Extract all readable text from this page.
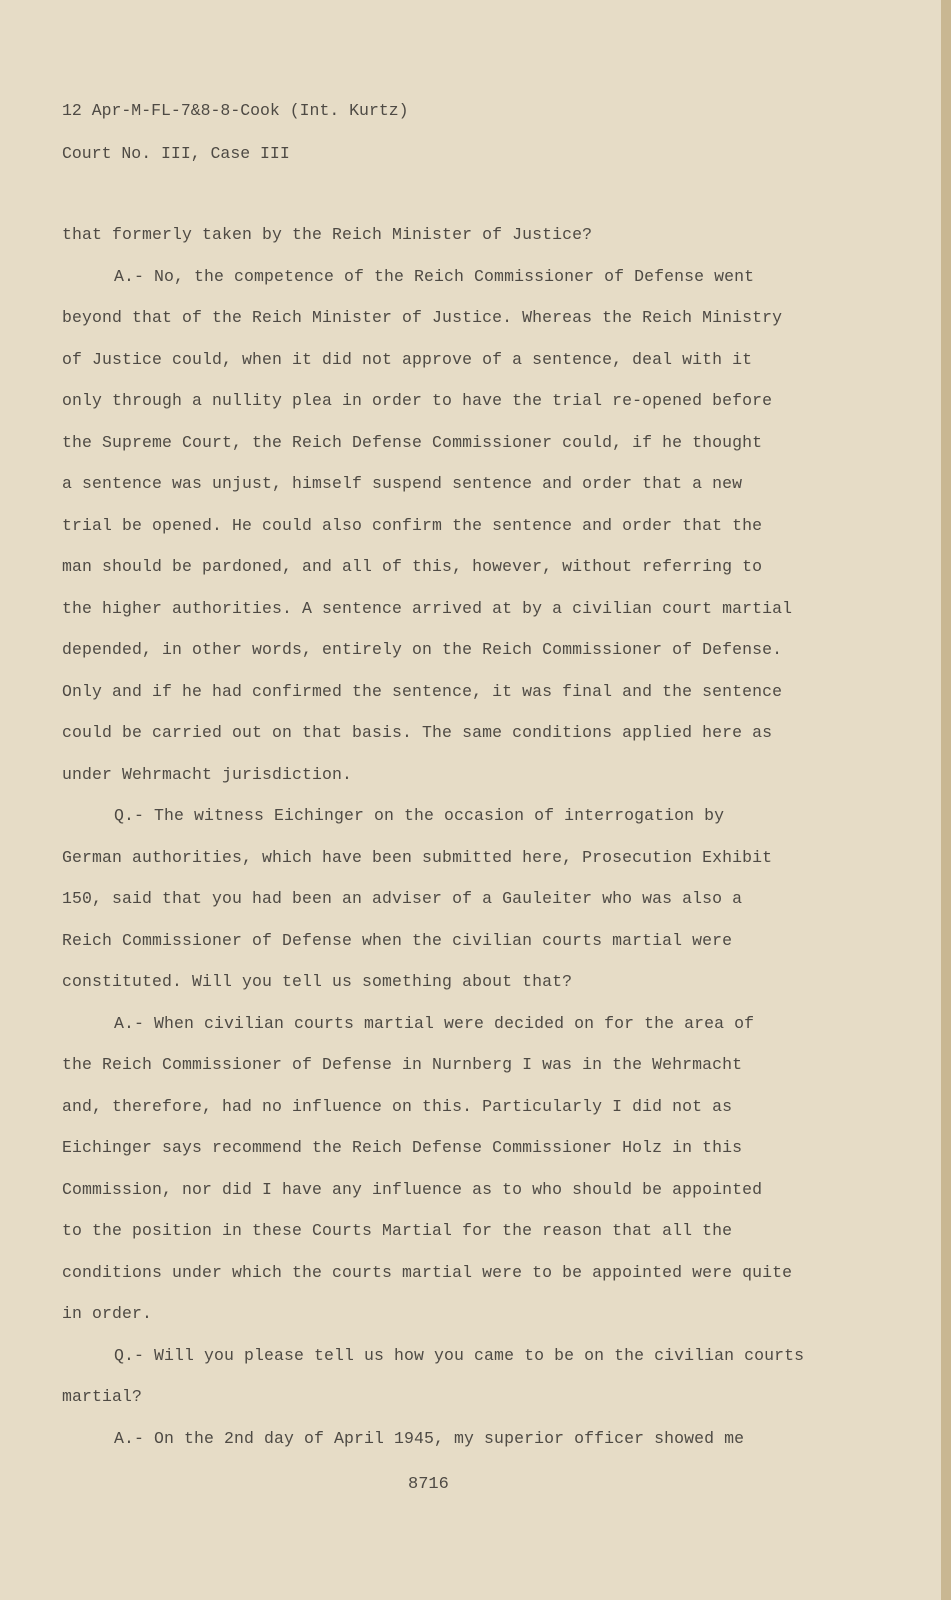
12 Apr-M-FL-7&8-8-Cook (Int. Kurtz)
Court No. III, Case III
that formerly taken by the Reich Minister of Justice?
A.- No, the competence of the Reich Commissioner of Defense went
beyond that of the Reich Minister of Justice. Whereas the Reich Ministry
of Justice could, when it did not approve of a sentence, deal with it
only through a nullity plea in order to have the trial re-opened before
the Supreme Court, the Reich Defense Commissioner could, if he thought
a sentence was unjust, himself suspend sentence and order that a new
trial be opened. He could also confirm the sentence and order that the
man should be pardoned, and all of this, however, without referring to
the higher authorities. A sentence arrived at by a civilian court martial
depended, in other words, entirely on the Reich Commissioner of Defense.
Only and if he had confirmed the sentence, it was final and the sentence
could be carried out on that basis. The same conditions applied here as
under Wehrmacht jurisdiction.
Q.- The witness Eichinger on the occasion of interrogation by
German authorities, which have been submitted here, Prosecution Exhibit
150, said that you had been an adviser of a Gauleiter who was also a
Reich Commissioner of Defense when the civilian courts martial were
constituted. Will you tell us something about that?
A.- When civilian courts martial were decided on for the area of
the Reich Commissioner of Defense in Nurnberg I was in the Wehrmacht
and, therefore, had no influence on this. Particularly I did not as
Eichinger says recommend the Reich Defense Commissioner Holz in this
Commission, nor did I have any influence as to who should be appointed
to the position in these Courts Martial for the reason that all the
conditions under which the courts martial were to be appointed were quite
in order.
Q.- Will you please tell us how you came to be on the civilian courts
martial?
A.- On the 2nd day of April 1945, my superior officer showed me
8716
